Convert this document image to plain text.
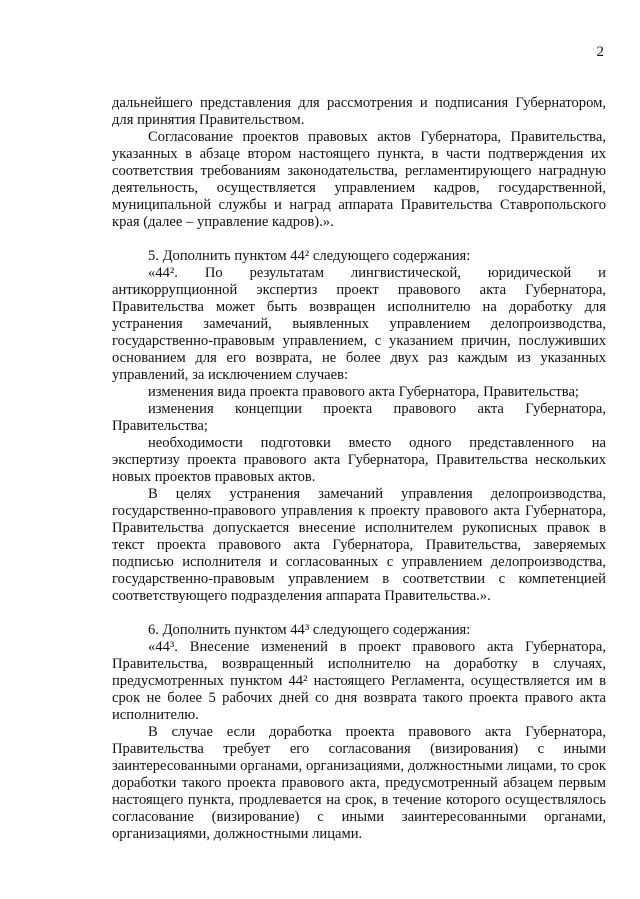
2

дальнейшего представления для рассмотрения и подписания Губернатором, для принятия Правительством.

Согласование проектов правовых актов Губернатора, Правительства, указанных в абзаце втором настоящего пункта, в части подтверждения их соответствия требованиям законодательства, регламентирующего наградную деятельность, осуществляется управлением кадров, государственной, муниципальной службы и наград аппарата Правительства Ставропольского края (далее – управление кадров).».

5. Дополнить пунктом 44² следующего содержания:

«44². По результатам лингвистической, юридической и антикоррупционной экспертиз проект правового акта Губернатора, Правительства может быть возвращен исполнителю на доработку для устранения замечаний, выявленных управлением делопроизводства, государственно-правовым управлением, с указанием причин, послуживших основанием для его возврата, не более двух раз каждым из указанных управлений, за исключением случаев:

изменения вида проекта правового акта Губернатора, Правительства;

изменения концепции проекта правового акта Губернатора, Правительства;

необходимости подготовки вместо одного представленного на экспертизу проекта правового акта Губернатора, Правительства нескольких новых проектов правовых актов.

В целях устранения замечаний управления делопроизводства, государственно-правового управления к проекту правового акта Губернатора, Правительства допускается внесение исполнителем рукописных правок в текст проекта правового акта Губернатора, Правительства, заверяемых подписью исполнителя и согласованных с управлением делопроизводства, государственно-правовым управлением в соответствии с компетенцией соответствующего подразделения аппарата Правительства.».

6. Дополнить пунктом 44³ следующего содержания:

«44³. Внесение изменений в проект правового акта Губернатора, Правительства, возвращенный исполнителю на доработку в случаях, предусмотренных пунктом 44² настоящего Регламента, осуществляется им в срок не более 5 рабочих дней со дня возврата такого проекта правого акта исполнителю.

В случае если доработка проекта правового акта Губернатора, Правительства требует его согласования (визирования) с иными заинтересованными органами, организациями, должностными лицами, то срок доработки такого проекта правового акта, предусмотренный абзацем первым настоящего пункта, продлевается на срок, в течение которого осуществлялось согласование (визирование) с иными заинтересованными органами, организациями, должностными лицами.
